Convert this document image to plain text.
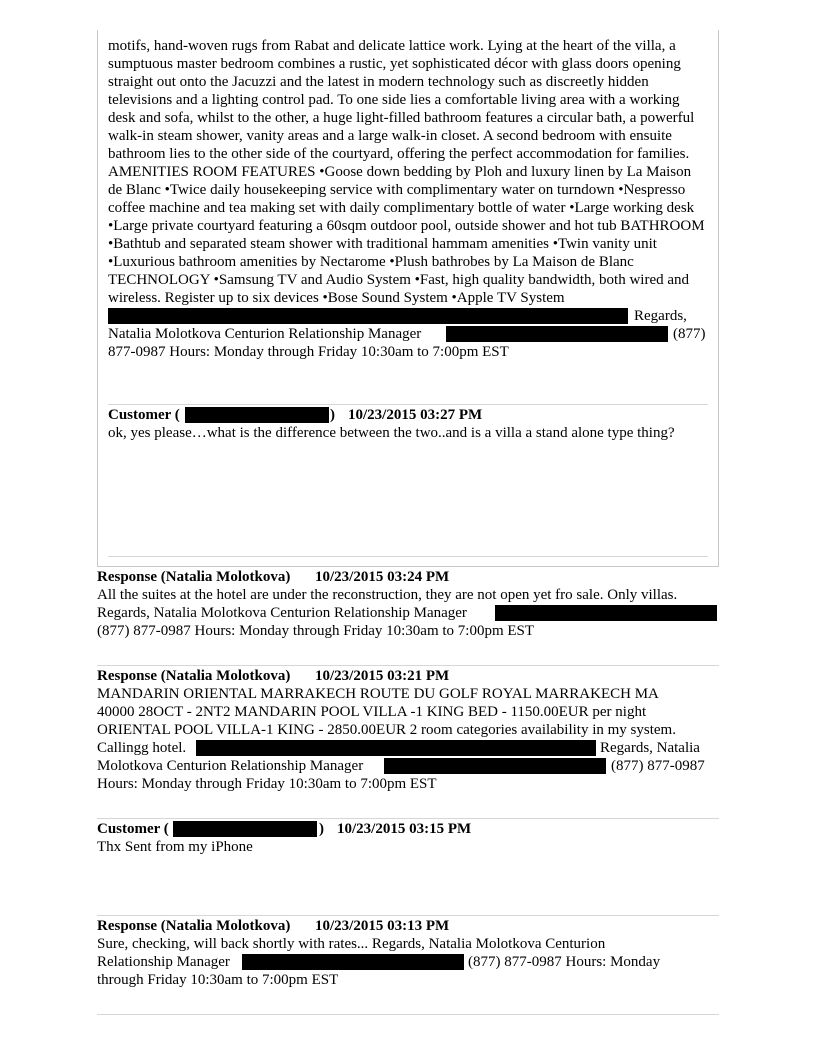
motifs, hand-woven rugs from Rabat and delicate lattice work. Lying at the heart of the villa, a sumptuous master bedroom combines a rustic, yet sophisticated décor with glass doors opening straight out onto the Jacuzzi and the latest in modern technology such as discreetly hidden televisions and a lighting control pad. To one side lies a comfortable living area with a working desk and sofa, whilst to the other, a huge light-filled bathroom features a circular bath, a powerful walk-in steam shower, vanity areas and a large walk-in closet. A second bedroom with ensuite bathroom lies to the other side of the courtyard, offering the perfect accommodation for families. AMENITIES ROOM FEATURES •Goose down bedding by Ploh and luxury linen by La Maison de Blanc •Twice daily housekeeping service with complimentary water on turndown •Nespresso coffee machine and tea making set with daily complimentary bottle of water •Large working desk •Large private courtyard featuring a 60sqm outdoor pool, outside shower and hot tub BATHROOM •Bathtub and separated steam shower with traditional hammam amenities •Twin vanity unit •Luxurious bathroom amenities by Nectarome •Plush bathrobes by La Maison de Blanc TECHNOLOGY •Samsung TV and Audio System •Fast, high quality bandwidth, both wired and wireless. Register up to six devices •Bose Sound System •Apple TV System

Regards,
Natalia Molotkova Centurion Relationship Manager	(877)

877-0987 Hours: Monday through Friday 10:30am to 7:00pm EST

Customer (	) 10/23/2015 03:27 PM

ok, yes please…what is the difference between the two..and is a villa a stand alone type thing?

Response (Natalia Molotkova) 10/23/2015 03:24 PM

All the suites at the hotel are under the reconstruction, they are not open yet fro sale. Only villas.

Regards, Natalia Molotkova Centurion Relationship Manager

(877) 877-0987 Hours: Monday through Friday 10:30am to 7:00pm EST

Response (Natalia Molotkova) 10/23/2015 03:21 PM

MANDARIN ORIENTAL MARRAKECH ROUTE DU GOLF ROYAL MARRAKECH MA

40000 28OCT - 2NT2 MANDARIN POOL VILLA -1 KING BED - 1150.00EUR per night

ORIENTAL POOL VILLA-1 KING - 2850.00EUR 2 room categories availability in my system.

Callingg hotel.	Regards, Natalia
Molotkova Centurion Relationship Manager	(877) 877-0987

Hours: Monday through Friday 10:30am to 7:00pm EST

Customer (	) 10/23/2015 03:15 PM

Thx Sent from my iPhone

Response (Natalia Molotkova) 10/23/2015 03:13 PM

Sure, checking, will back shortly with rates... Regards, Natalia Molotkova Centurion

Relationship Manager	(877) 877-0987 Hours: Monday

through Friday 10:30am to 7:00pm EST
